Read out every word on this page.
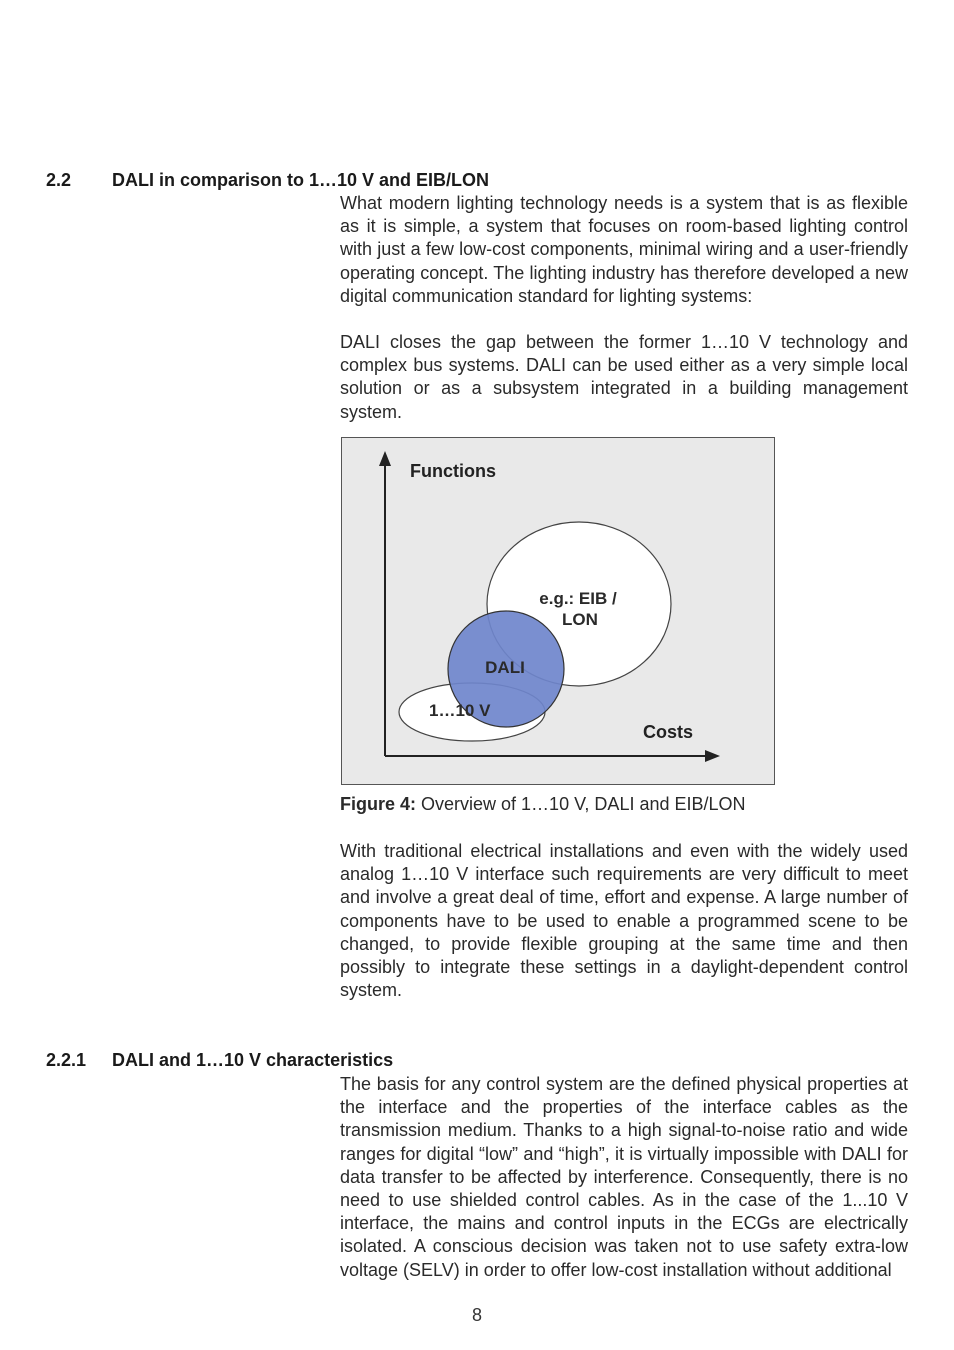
2.2 DALI in comparison to 1…10 V and EIB/LON

What modern lighting technology needs is a system that is as flexible as it is simple, a system that focuses on room-based lighting control with just a few low-cost components, minimal wiring and a user-friendly operating concept. The lighting industry has therefore developed a new digital communication standard for lighting systems:

DALI closes the gap between the former 1…10 V technology and complex bus systems. DALI can be used either as a very simple local solution or as a subsystem integrated in a building management system.

Functions
Costs
e.g.: EIB /
LON
DALI
1…10 V
Figure 4: Overview of 1…10 V, DALI and EIB/LON

With traditional electrical installations and even with the widely used analog 1…10 V interface such requirements are very difficult to meet and involve a great deal of time, effort and expense. A large number of components have to be used to enable a programmed scene to be changed, to provide flexible grouping at the same time and then possibly to integrate these settings in a daylight-dependent control system.

2.2.1 DALI and 1…10 V characteristics

The basis for any control system are the defined physical properties at the interface and the properties of the interface cables as the transmission medium. Thanks to a high signal-to-noise ratio and wide ranges for digital “low” and “high”, it is virtually impossible with DALI for data transfer to be affected by interference. Consequently, there is no need to use shielded control cables. As in the case of the 1...10 V interface, the mains and control inputs in the ECGs are electrically isolated. A conscious decision was taken not to use safety extra-low voltage (SELV) in order to offer low-cost installation without additional

8
